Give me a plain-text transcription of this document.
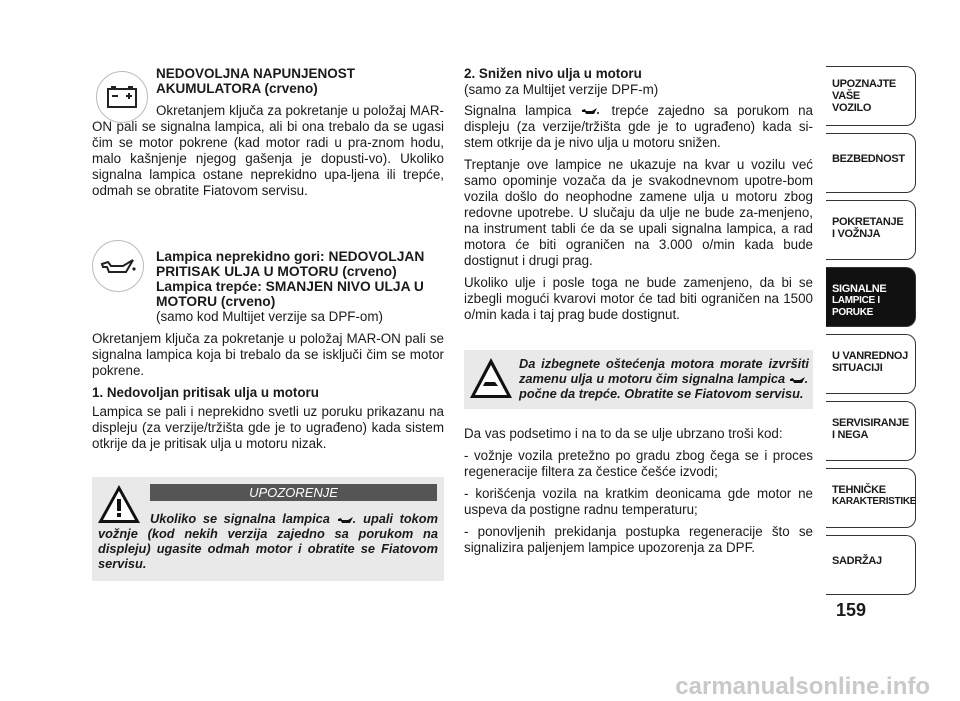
NEDOVOLJNA NAPUNJENOST AKUMULATORA (crveno)

Okretanjem ključa za pokretanje u položaj MAR-ON pali se signalna lampica, ali bi ona trebalo da se ugasi čim se motor pokrene (kad motor radi u pra-znom hodu, malo kašnjenje njegog gašenja je dopusti-vo). Ukoliko signalna lampica ostane neprekidno upa-ljena ili trepće, odmah se obratite Fiatovom servisu.

Lampica neprekidno gori: NEDOVOLJAN PRITISAK ULJA U MOTORU (crveno)
Lampica trepće: SMANJEN NIVO ULJA U MOTORU (crveno)
(samo kod Multijet verzije sa DPF-om)

Okretanjem ključa za pokretanje u položaj MAR-ON pali se signalna lampica koja bi trebalo da se isključi čim se motor pokrene.

1. Nedovoljan pritisak ulja u motoru

Lampica se pali i neprekidno svetli uz poruku prikazanu na displeju (za verzije/tržišta gde je to ugrađeno) kada sistem otkrije da je pritisak ulja u motoru nizak.

UPOZORENJE
Ukoliko se signalna lampica	upali tokom vožnje (kod nekih verzija zajedno sa porukom na displeju) ugasite odmah motor i obratite se Fiatovom servisu.
2. Snižen nivo ulja u motoru
(samo za Multijet verzije DPF-m)

Signalna lampica	trepće zajedno sa porukom na displeju (za verzije/tržišta gde je to ugrađeno) kada si-stem otkrije da je nivo ulja u motoru snižen.

Treptanje ove lampice ne ukazuje na kvar u vozilu već samo opominje vozača da je svakodnevnom upotre-bom vozila došlo do neophodne zamene ulja u motoru zbog redovne upotrebe. U slučaju da ulje ne bude za-menjeno, na instrument tabli će da se upali signalna lampica, a rad motora će biti ograničen na 3.000 o/min kada bude dostignut i drugi prag.

Ukoliko ulje i posle toga ne bude zamenjeno, da bi se izbegli mogući kvarovi motor će tad biti ograničen na 1500 o/min kada i taj prag bude dostignut.

Da izbegnete oštećenja motora morate izvršiti zamenu ulja u motoru čim signalna lampica  počne da trepće. Obratite se Fiatovom servisu.

Da vas podsetimo i na to da se ulje ubrzano troši kod:

- vožnje vozila pretežno po gradu zbog čega se i proces regeneracije filtera za čestice češće izvodi;

- korišćenja vozila na kratkim deonicama gde motor ne uspeva da postigne radnu temperaturu;

- ponovljenih prekidanja postupka regeneracije što se signalizira paljenjem lampice upozorenja za DPF.

UPOZNAJTE
VAŠE
VOZILO
BEZBEDNOST
POKRETANJE
I VOŽNJA
SIGNALNE
LAMPICE I PORUKE
U VANREDNOJ
SITUACIJI
SERVISIRANJE
I NEGA
TEHNIČKE
KARAKTERISTIKE
SADRŽAJ
159
carmanualsonline.info
